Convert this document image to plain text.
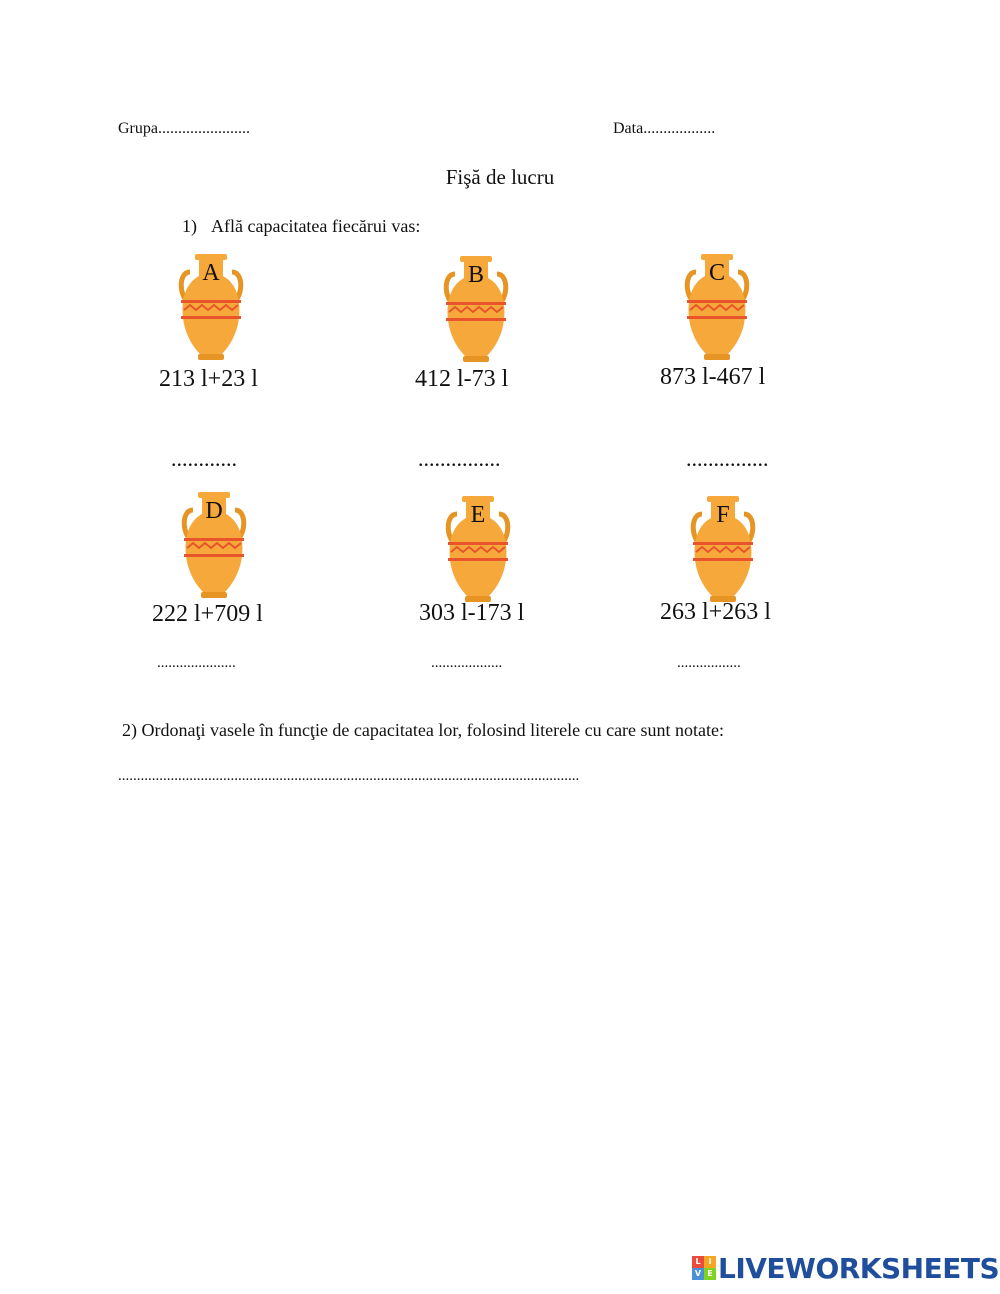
Grupa.......................	Data..................
Fişă de lucru
1) Află capacitatea fiecărui vas:
A	B	C
213 l+23 l	412 l-73 l	873 l-467 l
............	...............	...............
D	E	F
222 l+709 l	303 l-173 l	263 l+263 l
.....................	...................	.................
2) Ordonaţi vasele în funcţie de capacitatea lor, folosind literele cu care sunt notate:
...........................................................................................................................
L I
V E LIVEWORKSHEETS
